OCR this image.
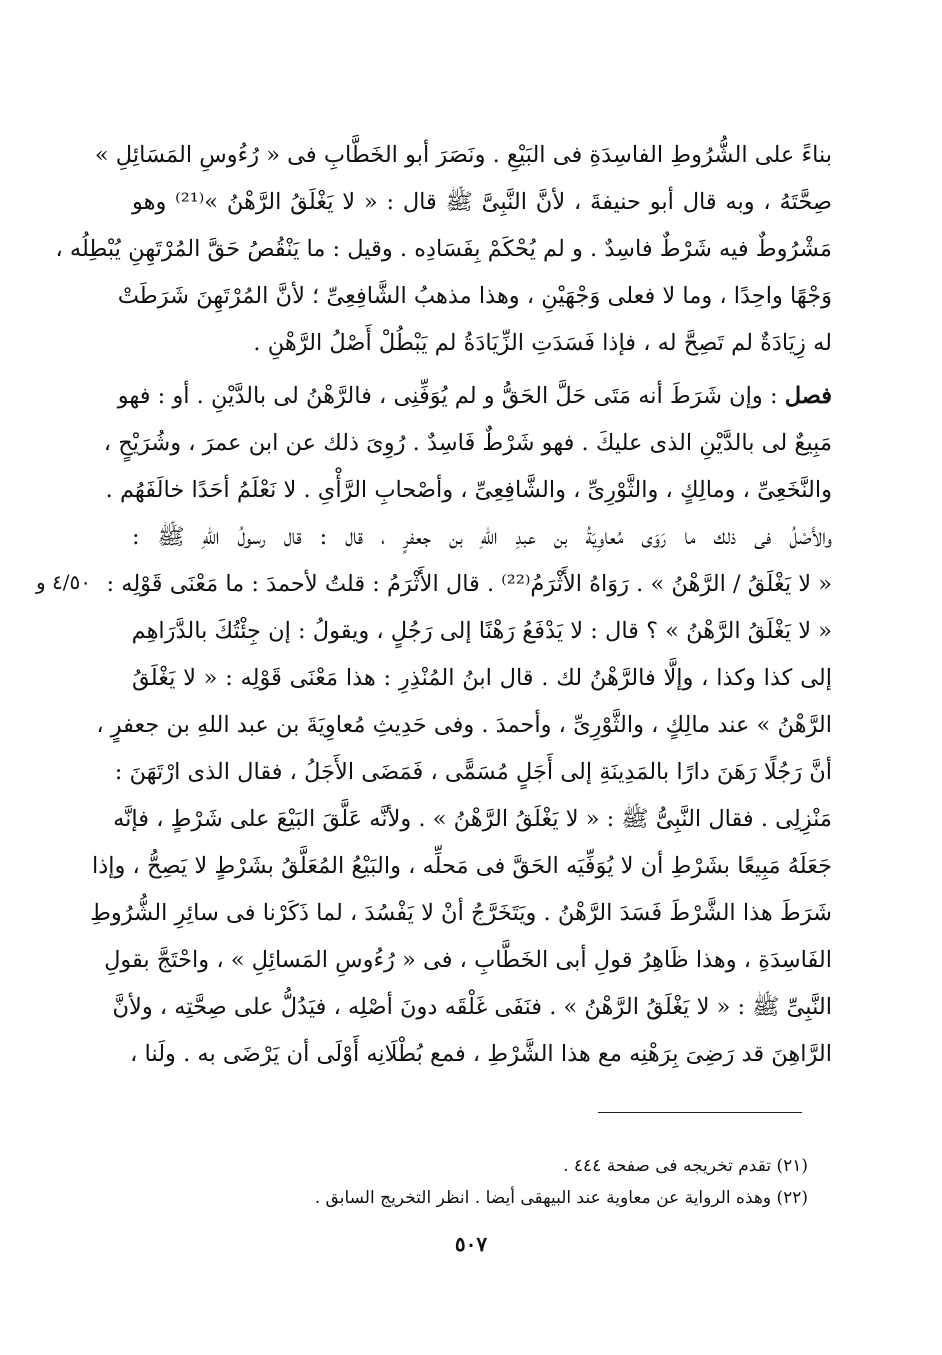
بناءً على الشُّرُوطِ الفاسِدَةِ فى البَيْعِ . ونَصَرَ أبو الخَطَّابِ فى « رُءُوسِ المَسَائِلِ »
صِحَّتَهُ ، وبه قال أبو حنيفةَ ، لأنَّ النَّبِىَّ ﷺ قال : « لا يَغْلَقُ الرَّهْنُ »⁽²¹⁾ وهو
مَشْرُوطٌ فيه شَرْطٌ فاسِدٌ . و لم يُحْكَمْ بِفَسَادِه . وقيل : ما يَنْقُصُ حَقَّ المُرْتَهِنِ يُبْطِلُه ،
وَجْهًا واحِدًا ، وما لا فعلى وَجْهَيْنِ ، وهذا مذهبُ الشَّافِعِىِّ ؛ لأنَّ المُرْتَهِنَ شَرَطَتْ
له زِيَادَةٌ لم تَصِحَّ له ، فإذا فَسَدَتِ الزِّيَادَةُ لم يَبْطُلْ أَصْلُ الرَّهْنِ .
فصل : وإن شَرَطَ أنه مَتَى حَلَّ الحَقُّ و لم يُوَفِّنِى ، فالرَّهْنُ لى بالدَّيْنِ . أو : فهو
مَبِيعٌ لى بالدَّيْنِ الذى عليكَ . فهو شَرْطٌ فَاسِدٌ . رُوِىَ ذلك عن ابن عمرَ ، وشُرَيْحٍ ،
والنَّخَعِىِّ ، ومالِكٍ ، والثَّوْرِىِّ ، والشَّافِعِىِّ ، وأصْحابِ الرَّأْىِ . لا نَعْلَمُ أحَدًا خالَفَهُم .
والأَصْلُ فى ذلك ما رَوَى مُعاوِيَةُ بن عبدِ اللهِ بن جعفرٍ ، قال : قال رسولُ اللهِ ﷺ :
« لا يَغْلَقُ / الرَّهْنُ » . رَوَاهُ الأَثْرَمُ⁽²²⁾ . قال الأَثْرَمُ : قلتُ لأحمدَ : ما مَعْنَى قَوْلِه :
« لا يَغْلَقُ الرَّهْنُ » ؟ قال : لا يَدْفَعُ رَهْنًا إلى رَجُلٍ ، ويقولُ : إن جِئْتُكَ بالدَّرَاهِم
إلى كذا وكذا ، وإلَّا فالرَّهْنُ لك . قال ابنُ المُنْذِرِ : هذا مَعْنَى قَوْلِه : « لا يَغْلَقُ
الرَّهْنُ » عند مالِكٍ ، والثَّوْرِىِّ ، وأحمدَ . وفى حَدِيثِ مُعاوِيَةَ بن عبد اللهِ بن جعفرٍ ،
أنَّ رَجُلًا رَهَنَ دارًا بالمَدِينَةِ إلى أَجَلٍ مُسَمًّى ، فَمَضَى الأَجَلُ ، فقال الذى ارْتَهَنَ :
مَنْزِلِى . فقال النَّبِىُّ ﷺ : « لا يَغْلَقُ الرَّهْنُ » . ولأنَّه عَلَّقَ البَيْعَ على شَرْطٍ ، فإنَّه
جَعَلَهُ مَبِيعًا بشَرْطِ أن لا يُوَفِّيَه الحَقَّ فى مَحلِّه ، والبَيْعُ المُعَلَّقُ بشَرْطٍ لا يَصِحُّ ، وإذا
شَرَطَ هذا الشَّرْطَ فَسَدَ الرَّهْنُ . ويَتَخَرَّجُ أنْ لا يَفْسُدَ ، لما ذَكَرْنا فى سائِرِ الشُّرُوطِ
الفَاسِدَةِ ، وهذا ظَاهِرُ قولِ أبى الخَطَّابِ ، فى « رُءُوسِ المَسائِلِ » ، واحْتَجَّ بقولِ
النَّبِىِّ ﷺ : « لا يَغْلَقُ الرَّهْنُ » . فنَفَى غَلْقَه دونَ أصْلِه ، فيَدُلُّ على صِحَّتِه ، ولأنَّ
الرَّاهِنَ قد رَضِىَ بِرَهْنِه مع هذا الشَّرْطِ ، فمع بُطْلَانِه أَوْلَى أن يَرْضَى به . ولَنا ،
٤/٥٠ و
(٢١) تقدم تخريجه فى صفحة ٤٤٤ .
(٢٢) وهذه الرواية عن معاوية عند البيهقى أيضا . انظر التخريج السابق .
٥٠٧
